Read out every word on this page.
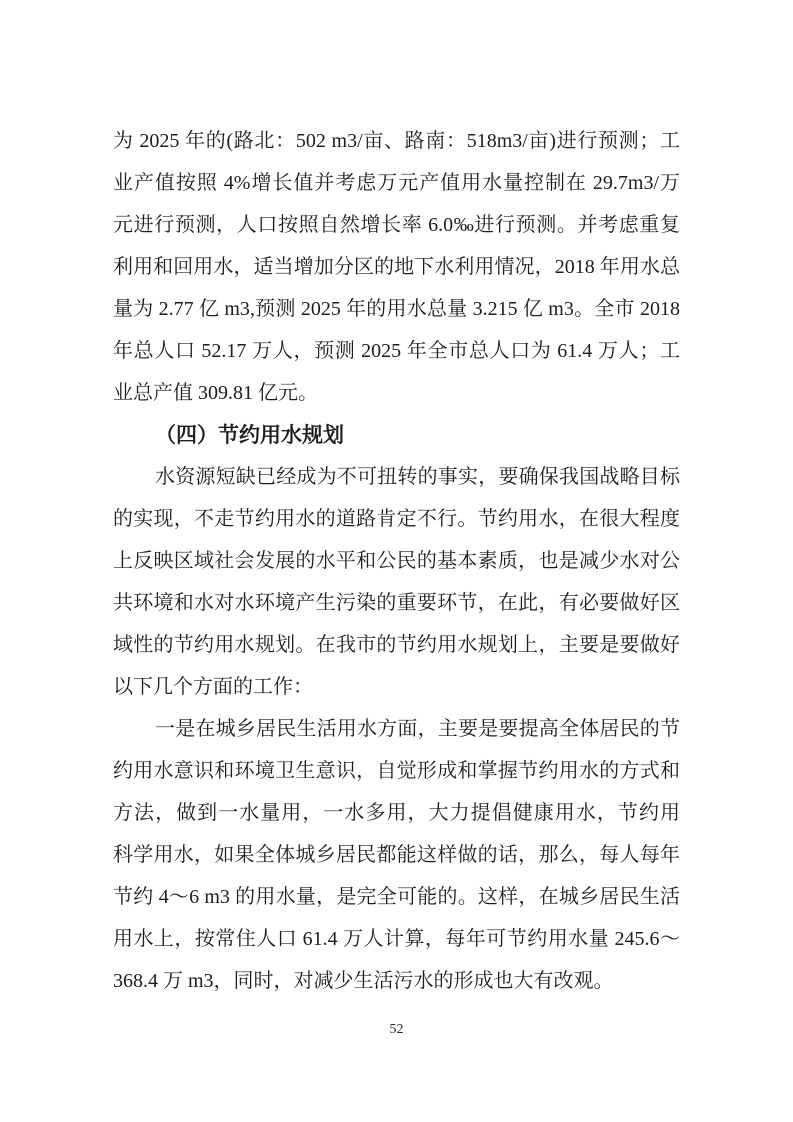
为 2025 年的(路北：502 m3/亩、路南：518m3/亩)进行预测；工
业产值按照 4%增长值并考虑万元产值用水量控制在 29.7m3/万
元进行预测，人口按照自然增长率 6.0‰进行预测。并考虑重复
利用和回用水，适当增加分区的地下水利用情况，2018 年用水总
量为 2.77 亿 m3,预测 2025 年的用水总量 3.215 亿 m3。全市 2018
年总人口 52.17 万人，预测 2025 年全市总人口为 61.4 万人；工
业总产值 309.81 亿元。
（四）节约用水规划
水资源短缺已经成为不可扭转的事实，要确保我国战略目标
的实现，不走节约用水的道路肯定不行。节约用水，在很大程度
上反映区域社会发展的水平和公民的基本素质，也是减少水对公
共环境和水对水环境产生污染的重要环节，在此，有必要做好区
域性的节约用水规划。在我市的节约用水规划上，主要是要做好
以下几个方面的工作：
一是在城乡居民生活用水方面，主要是要提高全体居民的节
约用水意识和环境卫生意识，自觉形成和掌握节约用水的方式和
方法，做到一水量用，一水多用，大力提倡健康用水，节约用
科学用水，如果全体城乡居民都能这样做的话，那么，每人每年
节约 4～6 m3 的用水量，是完全可能的。这样，在城乡居民生活
用水上，按常住人口 61.4 万人计算，每年可节约用水量 245.6～
368.4 万 m3，同时，对减少生活污水的形成也大有改观。
52
